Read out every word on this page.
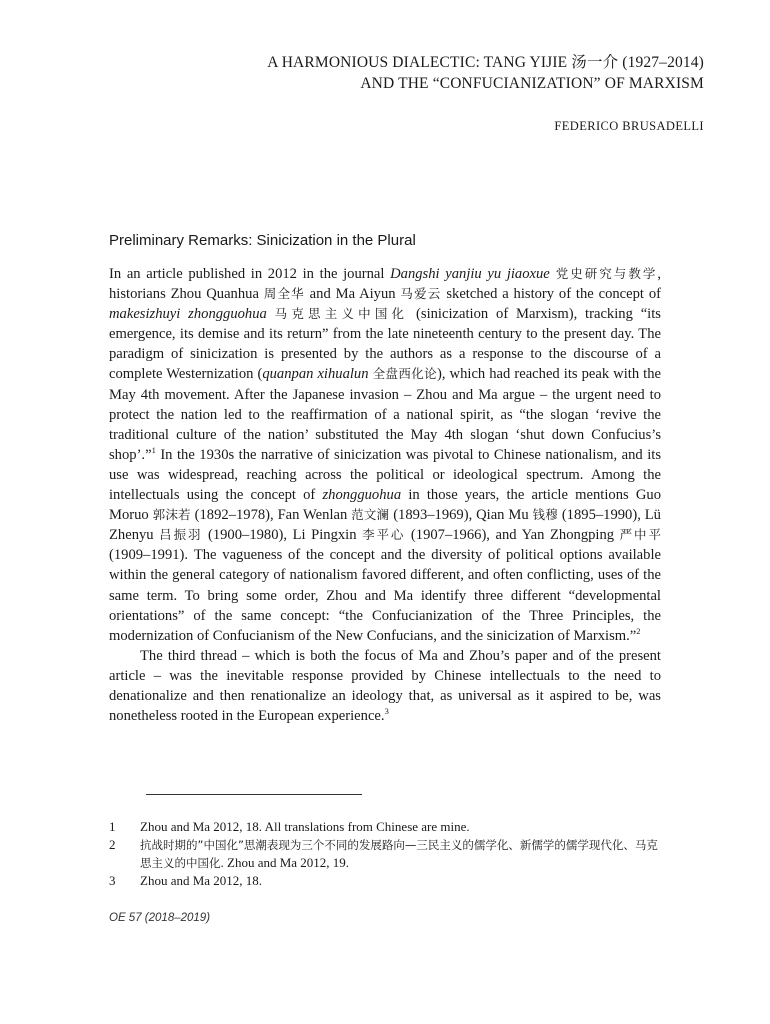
A HARMONIOUS DIALECTIC: TANG YIJIE 汤一介 (1927–2014)
AND THE “CONFUCIANIZATION” OF MARXISM
FEDERICO BRUSADELLI
Preliminary Remarks: Sinicization in the Plural

In an article published in 2012 in the journal Dangshi yanjiu yu jiaoxue 党史研究与教学, historians Zhou Quanhua 周全华 and Ma Aiyun 马爱云 sketched a history of the concept of makesizhuyi zhongguohua 马克思主义中国化 (sinicization of Marxism), tracking “its emergence, its demise and its return” from the late nineteenth century to the present day. The paradigm of sinicization is presented by the authors as a response to the discourse of a complete Westernization (quanpan xihualun 全盘西化论), which had reached its peak with the May 4th movement. After the Japanese invasion – Zhou and Ma argue – the urgent need to protect the nation led to the reaffirmation of a national spirit, as “the slogan ‘revive the traditional culture of the nation’ substituted the May 4th slogan ‘shut down Confucius’s shop’.”$^1$ In the 1930s the narrative of sinicization was pivotal to Chinese nationalism, and its use was widespread, reaching across the political or ideological spectrum. Among the intellectuals using the concept of zhongguohua in those years, the article mentions Guo Moruo 郭沫若 (1892–1978), Fan Wenlan 范文澜 (1893–1969), Qian Mu 钱穆 (1895–1990), Lü Zhenyu 吕振羽 (1900–1980), Li Pingxin 李平心 (1907–1966), and Yan Zhongping 严中平 (1909–1991). The vagueness of the concept and the diversity of political options available within the general category of nationalism favored different, and often conflicting, uses of the same term. To bring some order, Zhou and Ma identify three different “developmental orientations” of the same concept: “the Confucianization of the Three Principles, the modernization of Confucianism of the New Confucians, and the sinicization of Marxism.”$^2$

The third thread – which is both the focus of Ma and Zhou’s paper and of the present article – was the inevitable response provided by Chinese intellectuals to the need to denationalize and then renationalize an ideology that, as universal as it aspired to be, was nonetheless rooted in the European experience.$^3$

1	Zhou and Ma 2012, 18. All translations from Chinese are mine.
2	抗战时期的”中国化”思潮表现为三个不同的发展路向—三民主义的儒学化、新儒学的儒学现代化、马克思主义的中国化. Zhou and Ma 2012, 19.
3	Zhou and Ma 2012, 18.
OE 57 (2018–2019)
